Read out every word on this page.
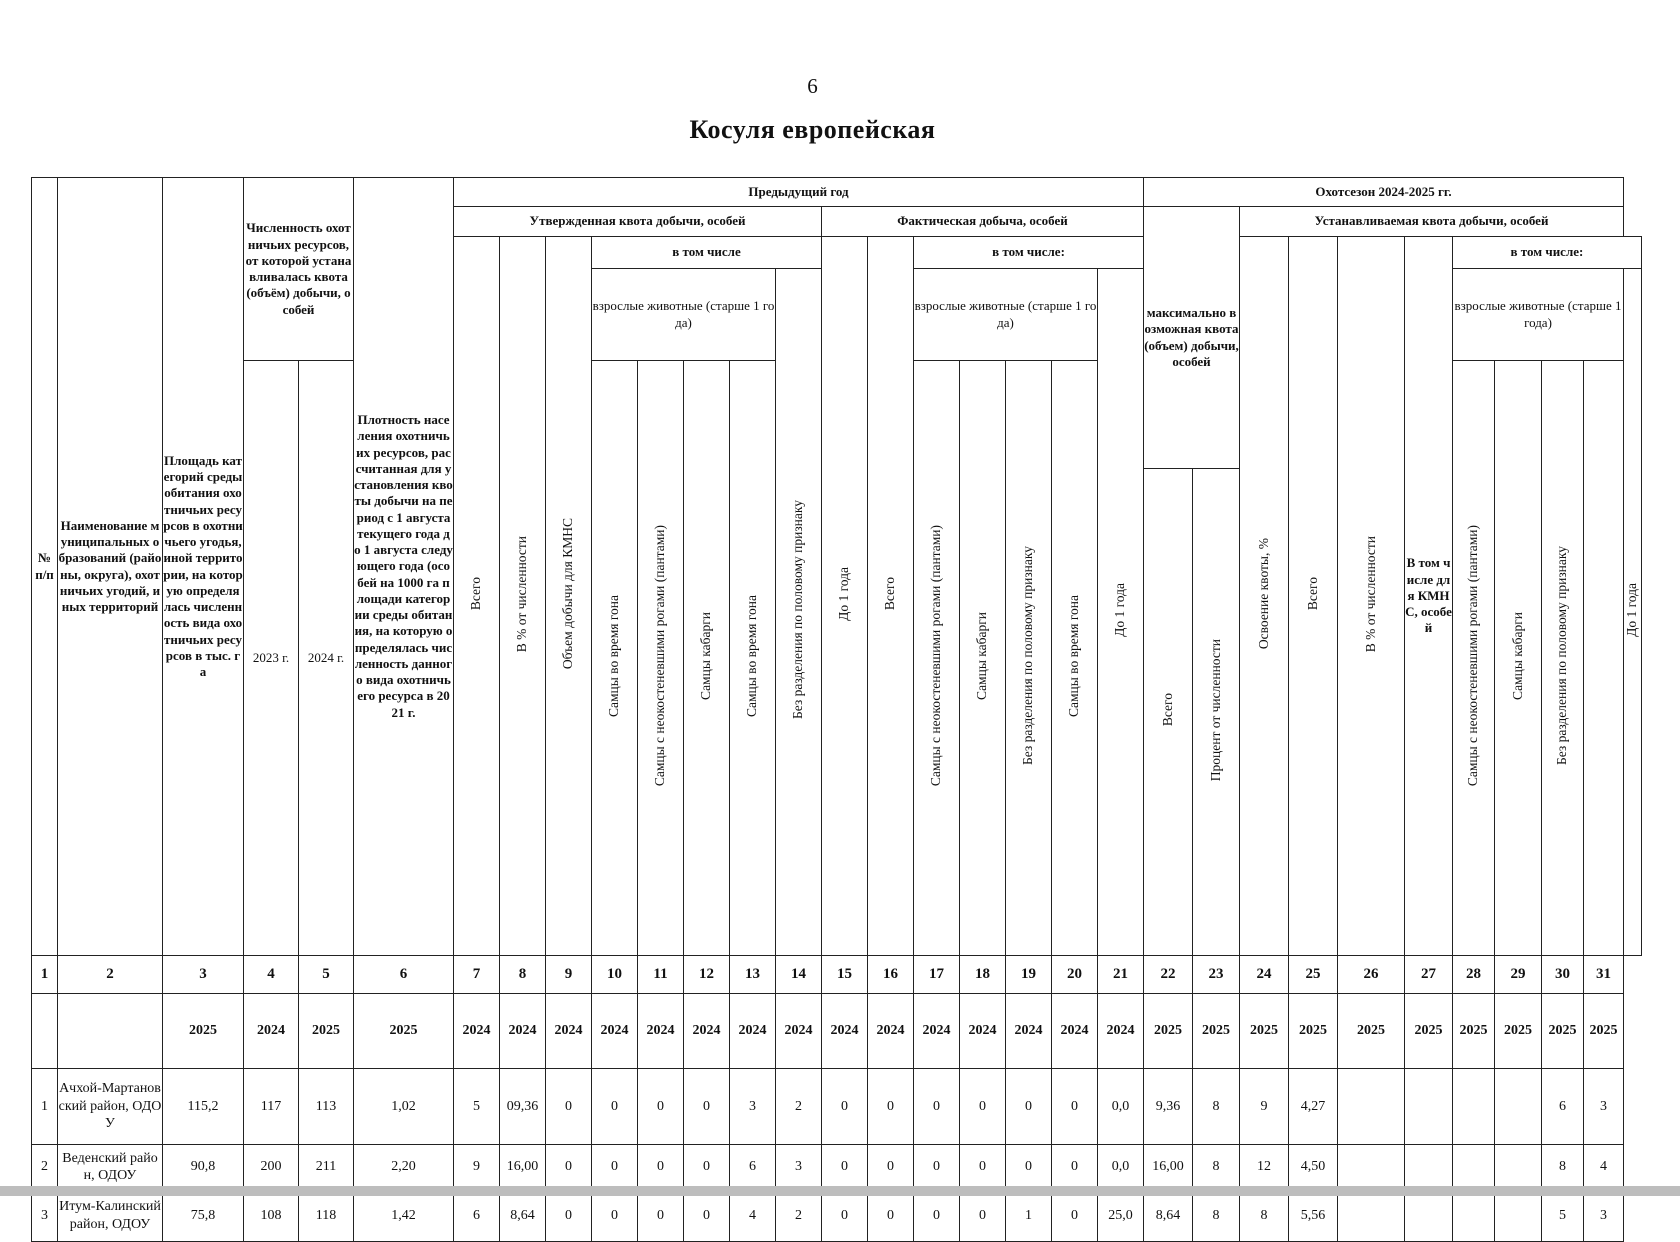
6
Косуля европейская
№ п/п	Наименование муниципальных образований (районы, округа), охотничьих угодий, иных территорий	Площадь категорий среды обитания охотничьих ресурсов в охотничьего угодья, иной территории, на которую определялась численность вида охотничьих ресурсов в тыс. га	Численность охотничьих ресурсов, от которой устанавливалась квота (объём) добычи, особей		Плотность населения охотничьих ресурсов, рассчитанная для установления квоты добычи на период с 1 августа текущего года до 1 августа следующего года (особей на 1000 га площади категории среды обитания, на которую определялась численность данного вида охотничьего ресурса в 2021 г.	Предыдущий год															Охотсезон 2024-2025 гг.										
						Утвержденная квота добычи, особей								Фактическая добыча, особей							максимально возможная квота (объем) добычи, особей		Устанавливаемая квота добычи, особей								
						Всего	В % от численности	Объем добычи для КМНС	в том числе					До 1 года	Всего	в том числе:							Освоение квоты, %	Всего	В % от численности	В том числе для КМНС, особей	в том числе:				
									взрослые животные (старше 1 года)				Без разделения по половому признаку			взрослые животные (старше 1 года)				До 1 года							взрослые животные (старше 1 года)				До 1 года
			2023 г.	2024 г.					Самцы во время гона	Самцы с неокостеневшими рогами (пантами)	Самцы кабарги	Самцы во время гона				Самцы с неокостеневшими рогами (пантами)	Самцы кабарги	Без разделения по половому признаку	Самцы во время гона								Самцы с неокостеневшими рогами (пантами)	Самцы кабарги	Без разделения по половому признаку		
																					Всего	Процент от численности									
1	2	3	4	5	6	7	8	9	10	11	12	13	14	15	16	17	18	19	20	21	22	23	24	25	26	27	28	29	30	31	
		2025	2024	2025	2025	2024	2024	2024	2024	2024	2024	2024	2024	2024	2024	2024	2024	2024	2024	2024	2025	2025	2025	2025	2025	2025	2025	2025	2025	2025	
1	Ачхой-Мартановский район, ОДОУ	115,2	117	113	1,02	5	09,36	0	0	0	0	3	2	0	0	0	0	0	0	0,0	9,36	8	9	4,27					6	3	
2	Веденский район, ОДОУ	90,8	200	211	2,20	9	16,00	0	0	0	0	6	3	0	0	0	0	0	0	0,0	16,00	8	12	4,50					8	4	
3	Итум-Калинский район, ОДОУ	75,8	108	118	1,42	6	8,64	0	0	0	0	4	2	0	0	0	0	1	0	25,0	8,64	8	8	5,56					5	3	
